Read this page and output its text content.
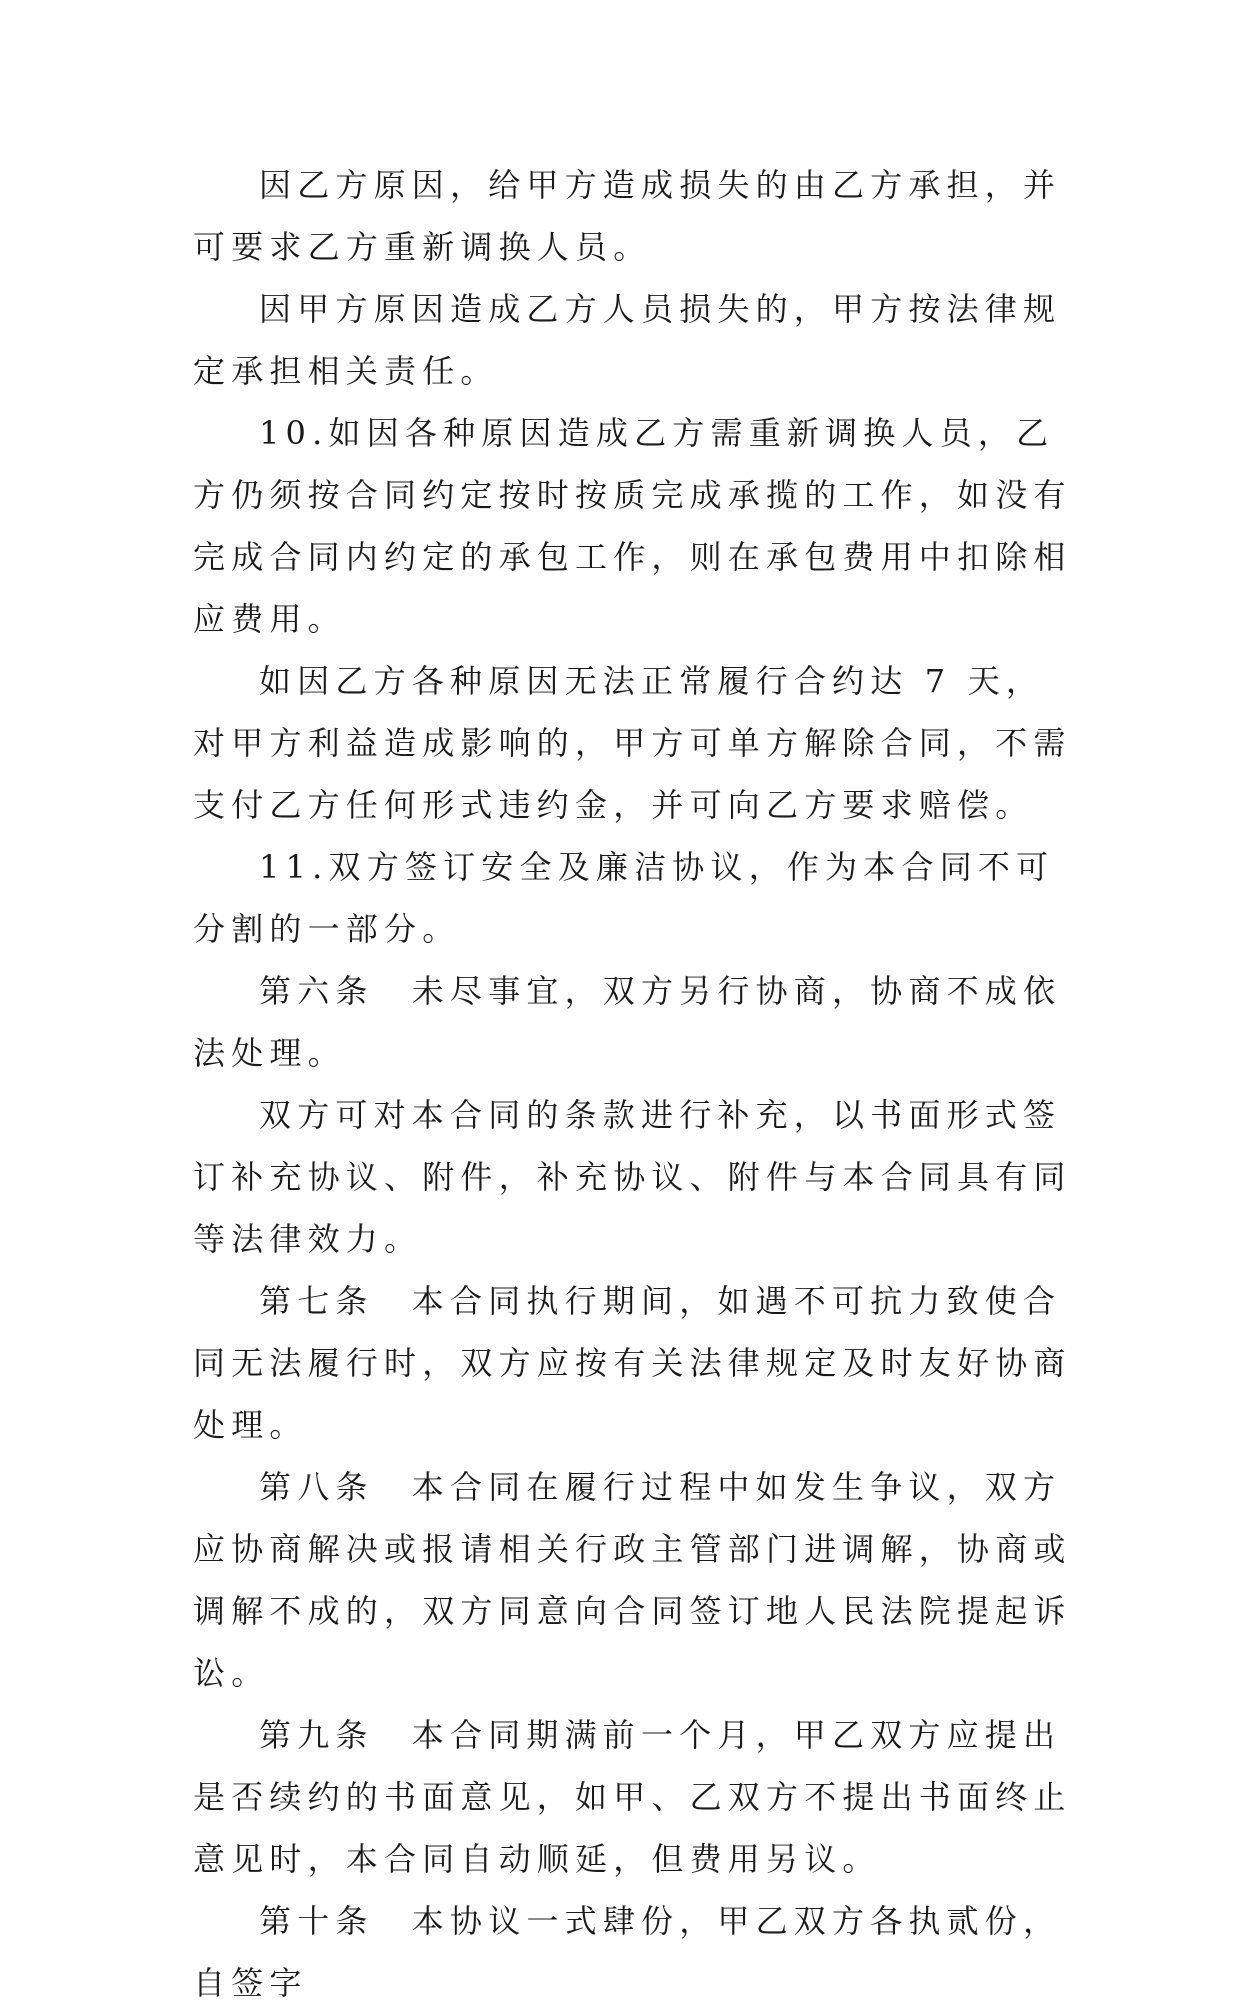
因乙方原因，给甲方造成损失的由乙方承担，并可要求乙方重新调换人员。

因甲方原因造成乙方人员损失的，甲方按法律规定承担相关责任。

10.如因各种原因造成乙方需重新调换人员，乙方仍须按合同约定按时按质完成承揽的工作，如没有完成合同内约定的承包工作，则在承包费用中扣除相应费用。

如因乙方各种原因无法正常履行合约达 7 天，对甲方利益造成影响的，甲方可单方解除合同，不需支付乙方任何形式违约金，并可向乙方要求赔偿。

11.双方签订安全及廉洁协议，作为本合同不可分割的一部分。

第六条　未尽事宜，双方另行协商，协商不成依法处理。

双方可对本合同的条款进行补充，以书面形式签订补充协议、附件，补充协议、附件与本合同具有同等法律效力。

第七条　本合同执行期间，如遇不可抗力致使合同无法履行时，双方应按有关法律规定及时友好协商处理。

第八条　本合同在履行过程中如发生争议，双方应协商解决或报请相关行政主管部门进调解，协商或调解不成的，双方同意向合同签订地人民法院提起诉讼。

第九条　本合同期满前一个月，甲乙双方应提出是否续约的书面意见，如甲、乙双方不提出书面终止意见时，本合同自动顺延，但费用另议。

第十条　本协议一式肆份，甲乙双方各执贰份，自签字
